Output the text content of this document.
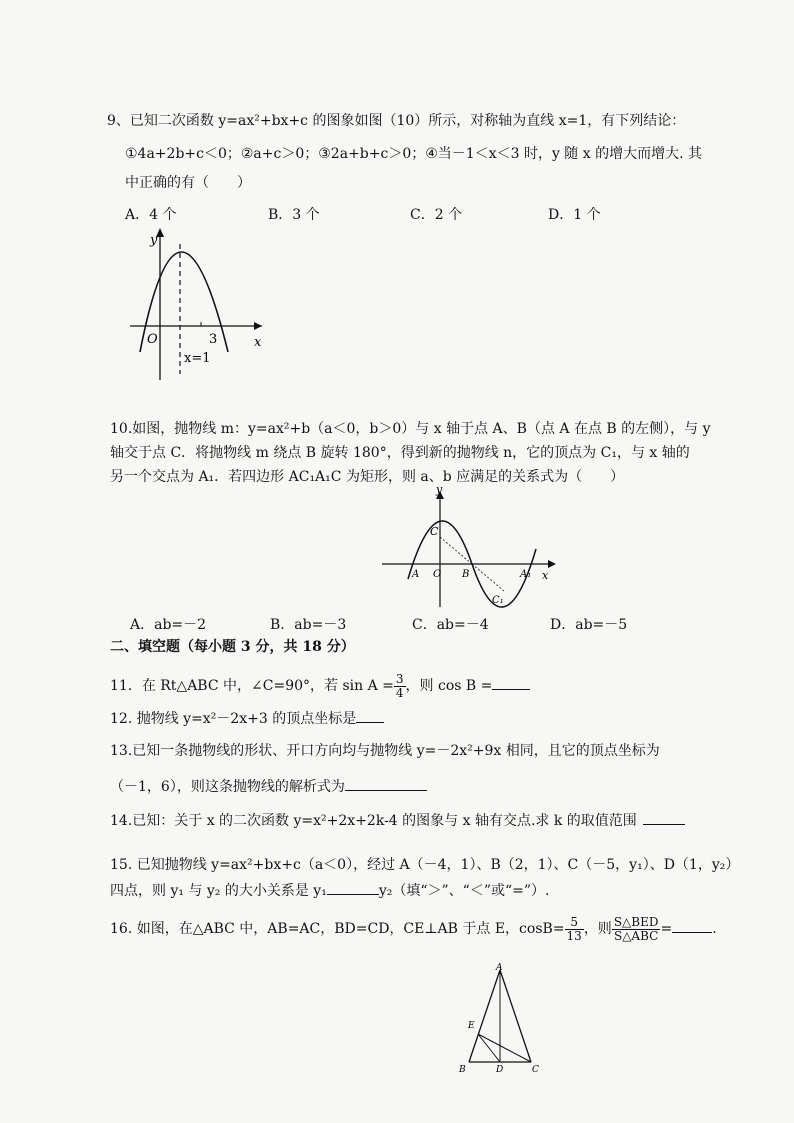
9、已知二次函数 y=ax²+bx+c 的图象如图（10）所示，对称轴为直线 x=1，有下列结论：
①4a+2b+c＜0；②a+c＞0；③2a+b+c＞0；④当－1＜x＜3 时，y 随 x 的增大而增大. 其
中正确的有（　　）
A．4 个	B．3 个	C．2 个	D．1 个
y
x
O	3
x=1
10.如图，抛物线 m：y=ax²+b（a＜0，b＞0）与 x 轴于点 A、B（点 A 在点 B 的左侧），与 y
轴交于点 C．将抛物线 m 绕点 B 旋转 180°，得到新的抛物线 n，它的顶点为 C₁，与 x 轴的
另一个交点为 A₁．若四边形 AC₁A₁C 为矩形，则 a、b 应满足的关系式为（　　）
y
x
C
A O B	A₁
C₁
A．ab=－2	B．ab=－3	C．ab=－4	D．ab=－5
二、填空题（每小题 3 分，共 18 分）
11．在 Rt△ABC 中，∠C=90°，若 $\sin A = \frac{3}{4}$ ，则 cos B =
12. 抛物线 y=x²－2x+3 的顶点坐标是
13.已知一条抛物线的形状、开口方向均与抛物线 y=－2x²+9x 相同，且它的顶点坐标为
（－1，6），则这条抛物线的解析式为
14.已知：关于 x 的二次函数 y=x²+2x+2k-4 的图象与 x 轴有交点.求 k 的取值范围
15. 已知抛物线 y=ax²+bx+c（a＜0），经过 A（－4，1）、B（2，1）、C（－5，y₁）、D（1，y₂）
四点，则 y₁ 与 y₂ 的大小关系是 y₁	y₂（填“＞”、“＜”或“=”）.
16. 如图，在△ABC 中，AB=AC，BD=CD，CE⊥AB 于点 E，$\cos B= \frac{5}{13}$ ，则 $\frac{\text{S△BED}}{\text{S△ABC}}$ =	.
A
E
B	D	C
